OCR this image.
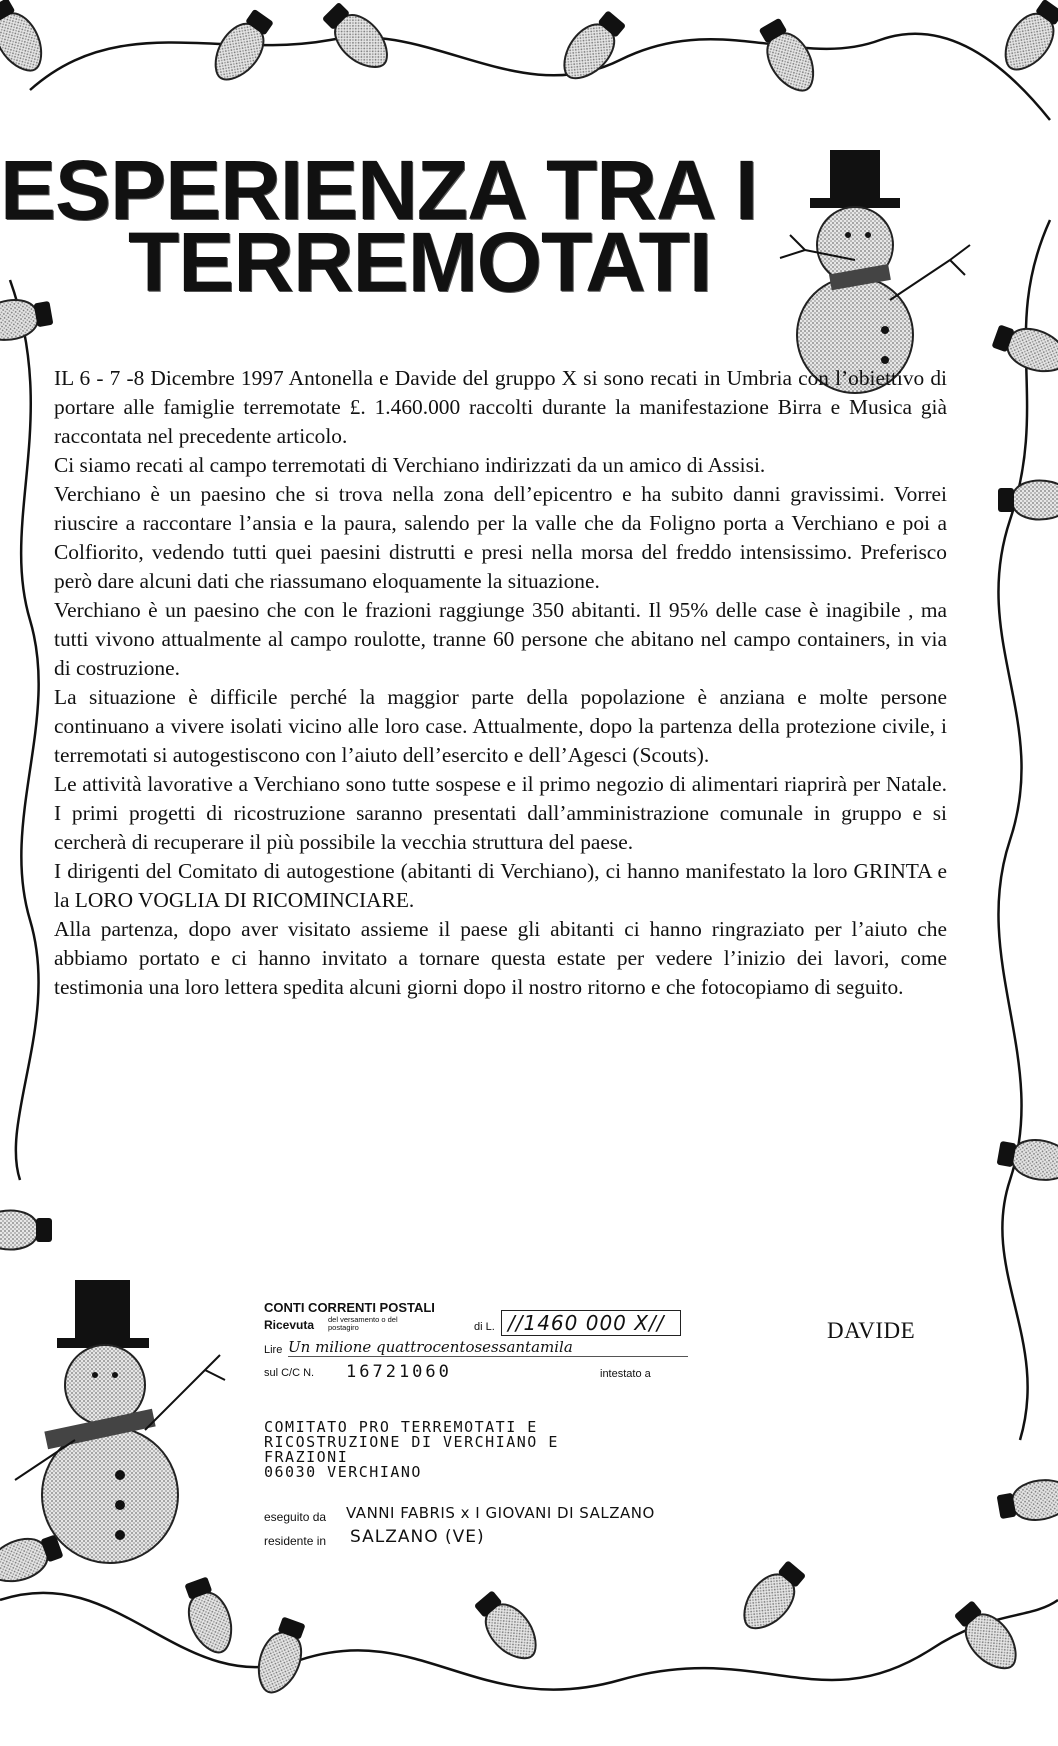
ESPERIENZA TRA I
TERREMOTATI

IL 6 - 7 -8 Dicembre 1997 Antonella e Davide del gruppo X si sono recati in Umbria con l’obiettivo di portare alle famiglie terremotate £. 1.460.000 raccolti durante la manifestazione Birra e Musica già raccontata nel precedente articolo.

Ci siamo recati al campo terremotati di Verchiano indirizzati da un amico di Assisi.

Verchiano è un paesino che si trova nella zona dell’epicentro e ha subito danni gravissimi. Vorrei riuscire a raccontare l’ansia e la paura, salendo per la valle che da Foligno porta a Verchiano e poi a Colfiorito, vedendo tutti quei paesini distrutti e presi nella morsa del freddo intensissimo. Preferisco però dare alcuni dati che riassumano eloquamente la situazione.

Verchiano è un paesino che con le frazioni raggiunge 350 abitanti. Il 95% delle case è inagibile , ma tutti vivono attualmente al campo roulotte, tranne 60 persone che abitano nel campo containers, in via di costruzione.

La situazione è difficile perché la maggior parte della popolazione è anziana e molte persone continuano a vivere isolati vicino alle loro case. Attualmente, dopo la partenza della protezione civile, i terremotati si autogestiscono con l’aiuto dell’esercito e dell’Agesci (Scouts).

Le attività lavorative a Verchiano sono tutte sospese e il primo negozio di alimentari riaprirà per Natale. I primi progetti di ricostruzione saranno presentati dall’amministrazione comunale in gruppo e si cercherà di recuperare il più possibile la vecchia struttura del paese.

I dirigenti del Comitato di autogestione (abitanti di Verchiano), ci hanno manifestato la loro GRINTA e la LORO VOGLIA DI RICOMINCIARE.

Alla partenza, dopo aver visitato assieme il paese gli abitanti ci hanno ringraziato per l’aiuto che abbiamo portato e ci hanno invitato a tornare questa estate per vedere l’inizio dei lavori, come testimonia una loro lettera spedita alcuni giorni dopo il nostro ritorno e che fotocopiamo di seguito.

DAVIDE
CONTI CORRENTI POSTALI
Ricevuta del versamento o del postagiro	di L. //1460 000 X//
Lire Un milione quattrocentosessantamila
sul C/C N. 16721060	intestato a
COMITATO PRO TERREMOTATI E
RICOSTRUZIONE DI VERCHIANO E
FRAZIONI
06030 VERCHIANO
eseguito da VANNI FABRIS x I GIOVANI DI SALZANO
residente in SALZANO (VE)
